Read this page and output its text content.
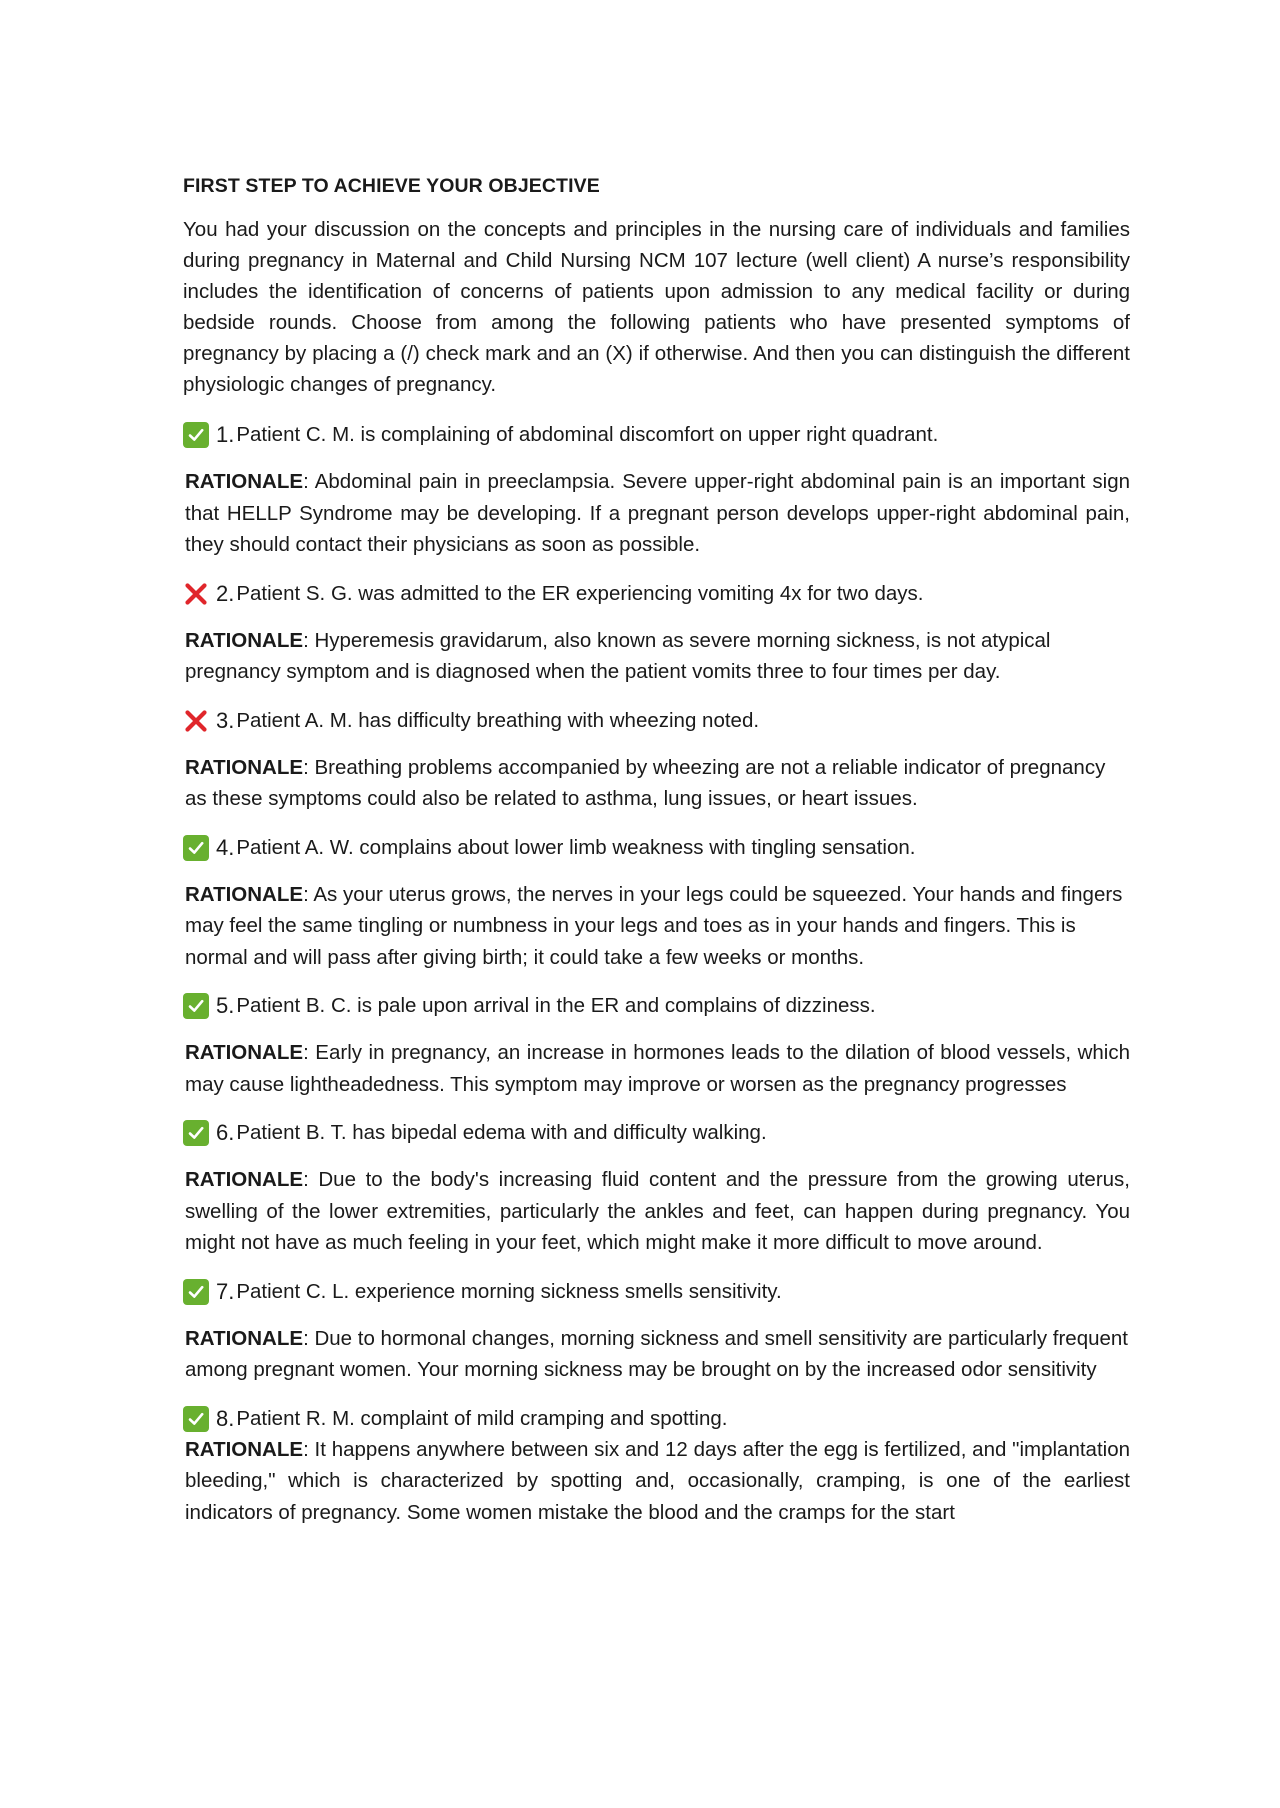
FIRST STEP TO ACHIEVE YOUR OBJECTIVE
You had your discussion on the concepts and principles in the nursing care of individuals and families during pregnancy in Maternal and Child Nursing NCM 107 lecture (well client) A nurse’s responsibility includes the identification of concerns of patients upon admission to any medical facility or during bedside rounds. Choose from among the following patients who have presented symptoms of pregnancy by placing a (/) check mark and an (X) if otherwise. And then you can distinguish the different physiologic changes of pregnancy.
1. Patient C. M. is complaining of abdominal discomfort on upper right quadrant.
RATIONALE: Abdominal pain in preeclampsia. Severe upper-right abdominal pain is an important sign that HELLP Syndrome may be developing. If a pregnant person develops upper-right abdominal pain, they should contact their physicians as soon as possible.
2. Patient S. G. was admitted to the ER experiencing vomiting 4x for two days.
RATIONALE: Hyperemesis gravidarum, also known as severe morning sickness, is not atypical pregnancy symptom and is diagnosed when the patient vomits three to four times per day.
3. Patient A. M. has difficulty breathing with wheezing noted.
RATIONALE: Breathing problems accompanied by wheezing are not a reliable indicator of pregnancy as these symptoms could also be related to asthma, lung issues, or heart issues.
4. Patient A. W. complains about lower limb weakness with tingling sensation.
RATIONALE: As your uterus grows, the nerves in your legs could be squeezed. Your hands and fingers may feel the same tingling or numbness in your legs and toes as in your hands and fingers. This is normal and will pass after giving birth; it could take a few weeks or months.
5. Patient B. C. is pale upon arrival in the ER and complains of dizziness.
RATIONALE: Early in pregnancy, an increase in hormones leads to the dilation of blood vessels, which may cause lightheadedness. This symptom may improve or worsen as the pregnancy progresses
6. Patient B. T. has bipedal edema with and difficulty walking.
RATIONALE: Due to the body's increasing fluid content and the pressure from the growing uterus, swelling of the lower extremities, particularly the ankles and feet, can happen during pregnancy. You might not have as much feeling in your feet, which might make it more difficult to move around.
7. Patient C. L. experience morning sickness smells sensitivity.
RATIONALE: Due to hormonal changes, morning sickness and smell sensitivity are particularly frequent among pregnant women. Your morning sickness may be brought on by the increased odor sensitivity
8. Patient R. M. complaint of mild cramping and spotting.
RATIONALE: It happens anywhere between six and 12 days after the egg is fertilized, and "implantation bleeding," which is characterized by spotting and, occasionally, cramping, is one of the earliest indicators of pregnancy. Some women mistake the blood and the cramps for the start
